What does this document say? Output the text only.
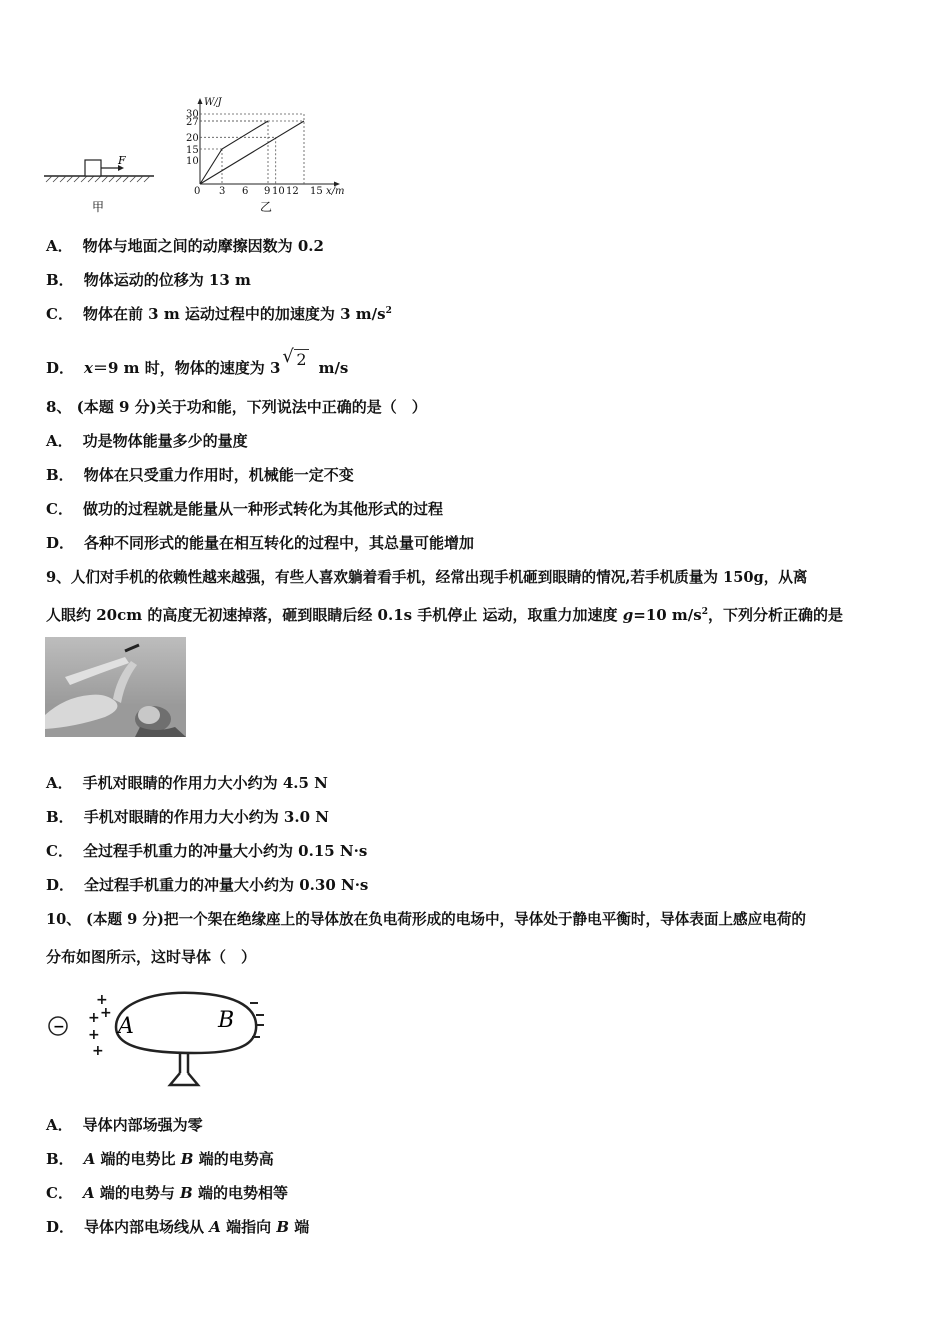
F
甲
W/J
30
27
20
15
10
0 3 6 9 10 12 15 x/m
乙
A． 物体与地面之间的动摩擦因数为 0.2
B． 物体运动的位移为 13 m
C． 物体在前 3 m 运动过程中的加速度为 3 $m/s^2$
D． x＝9 m 时，物体的速度为 3√ 2 m/s
8、 (本题 9 分)关于功和能，下列说法中正确的是（　）
A． 功是物体能量多少的量度
B． 物体在只受重力作用时，机械能一定不变
C． 做功的过程就是能量从一种形式转化为其他形式的过程
D． 各种不同形式的能量在相互转化的过程中，其总量可能增加
9、人们对手机的依赖性越来越强，有些人喜欢躺着看手机，经常出现手机砸到眼睛的情况,若手机质量为 150g，从离
人眼约 20cm 的高度无初速掉落，砸到眼睛后经 0.1s 手机停止 运动，取重力加速度 g=10 $m/s^2$，下列分析正确的是
A． 手机对眼睛的作用力大小约为 4.5 N
B． 手机对眼睛的作用力大小约为 3.0 N
C． 全过程手机重力的冲量大小约为 0.15 N·s
D． 全过程手机重力的冲量大小约为 0.30 N·s
10、 (本题 9 分)把一个架在绝缘座上的导体放在负电荷形成的电场中，导体处于静电平衡时，导体表面上感应电荷的
分布如图所示，这时导体（　）
−
+
+
+
+
+
A	B
A． 导体内部场强为零
B． A 端的电势比 B 端的电势高
C． A 端的电势与 B 端的电势相等
D． 导体内部电场线从 A 端指向 B 端
